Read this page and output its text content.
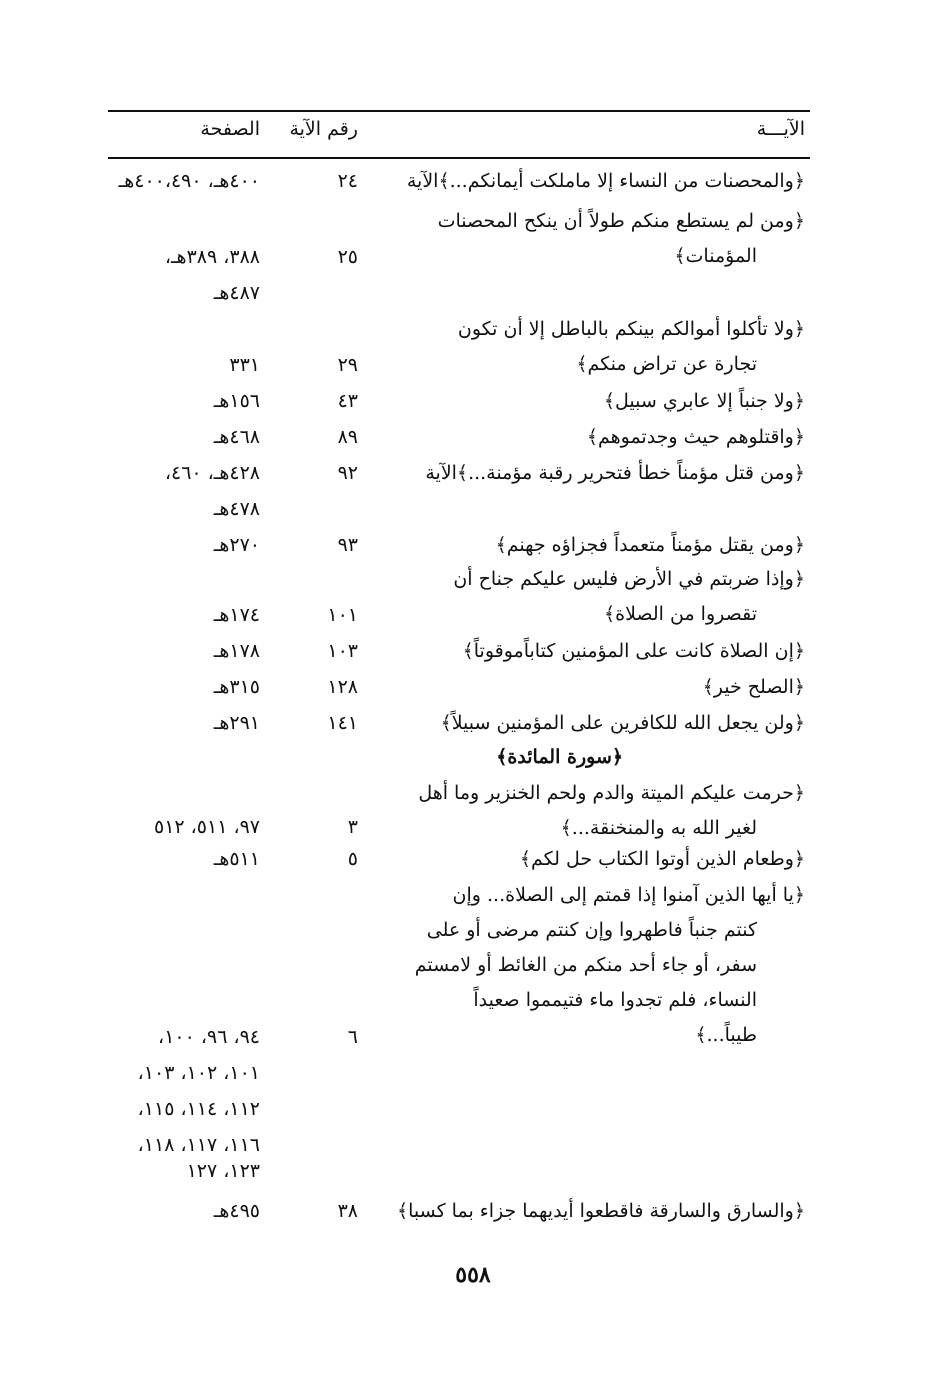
الآيـــة
رقم الآية
الصفحة
﴿والمحصنات من النساء إلا ماملكت أيمانكم...﴾الآية
٢٤
٤٠٠هـ، ٤٠٠،٤٩٠هـ
﴿ومن لم يستطع منكم طولاً أن ينكح المحصنات
المؤمنات﴾
٢٥
٣٨٨، ٣٨٩هـ،
٤٨٧هـ
﴿ولا تأكلوا أموالكم بينكم بالباطل إلا أن تكون
تجارة عن تراض منكم﴾
٢٩
٣٣١
﴿ولا جنباً إلا عابري سبيل﴾
٤٣
١٥٦هـ
﴿واقتلوهم حيث وجدتموهم﴾
٨٩
٤٦٨هـ
﴿ومن قتل مؤمناً خطأ فتحرير رقبة مؤمنة...﴾الآية
٩٢
٤٢٨هـ، ٤٦٠،
٤٧٨هـ
﴿ومن يقتل مؤمناً متعمداً فجزاؤه جهنم﴾
٩٣
٢٧٠هـ
﴿وإذا ضربتم في الأرض فليس عليكم جناح أن
تقصروا من الصلاة﴾
١٠١
١٧٤هـ
﴿إن الصلاة كانت على المؤمنين كتاباًموقوتاً﴾
١٠٣
١٧٨هـ
﴿الصلح خير﴾
١٢٨
٣١٥هـ
﴿ولن يجعل الله للكافرين على المؤمنين سبيلاً﴾
١٤١
٢٩١هـ
﴿سورة المائدة﴾
﴿حرمت عليكم الميتة والدم ولحم الخنزير وما أهل
لغير الله به والمنخنقة...﴾
٣
٩٧، ٥١١، ٥١٢
﴿وطعام الذين أوتوا الكتاب حل لكم﴾
٥
٥١١هـ
﴿يا أيها الذين آمنوا إذا قمتم إلى الصلاة... وإن
كنتم جنباً فاطهروا وإن كنتم مرضى أو على
سفر، أو جاء أحد منكم من الغائط أو لامستم
النساء، فلم تجدوا ماء فتيمموا صعيداً
طيباً...﴾
٦
٩٤، ٩٦، ١٠٠،
١٠١، ١٠٢، ١٠٣،
١١٢، ١١٤، ١١٥،
١١٦، ١١٧، ١١٨،
١٢٣، ١٢٧
﴿والسارق والسارقة فاقطعوا أيديهما جزاء بما كسبا﴾
٣٨
٤٩٥هـ
٥٥٨
